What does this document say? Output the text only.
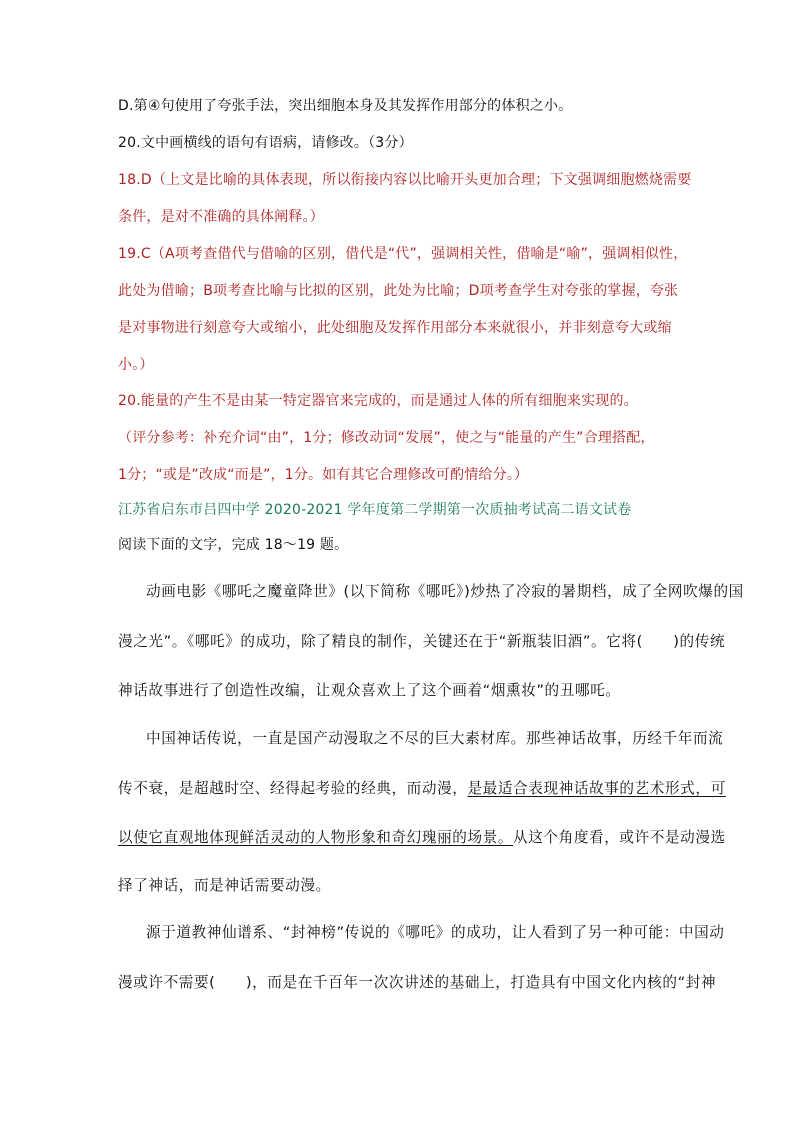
D.第④句使用了夸张手法，突出细胞本身及其发挥作用部分的体积之小。
20.文中画横线的语句有语病，请修改。（3分）
18.D（上文是比喻的具体表现，所以衔接内容以比喻开头更加合理；下文强调细胞燃烧需要
条件，是对不准确的具体阐释。）
19.C（A项考查借代与借喻的区别，借代是“代”，强调相关性，借喻是“喻”，强调相似性，
此处为借喻；B项考查比喻与比拟的区别，此处为比喻；D项考查学生对夸张的掌握，夸张
是对事物进行刻意夸大或缩小，此处细胞及发挥作用部分本来就很小，并非刻意夸大或缩
小。）
20.能量的产生不是由某一特定器官来完成的，而是通过人体的所有细胞来实现的。
（评分参考：补充介词“由”，1分；修改动词“发展”，使之与“能量的产生”合理搭配，
1分；“或是”改成“而是”，1分。如有其它合理修改可酌情给分。）
江苏省启东市吕四中学 2020-2021 学年度第二学期第一次质抽考试高二语文试卷
阅读下面的文字，完成 18～19 题。
动画电影《哪吒之魔童降世》(以下简称《哪吒》)炒热了冷寂的暑期档，成了全网吹爆的国
漫之光”。《哪吒》的成功，除了精良的制作，关键还在于“新瓶装旧酒”。它将(　　)的传统
神话故事进行了创造性改编，让观众喜欢上了这个画着“烟熏妆”的丑哪吒。
中国神话传说，一直是国产动漫取之不尽的巨大素材库。那些神话故事，历经千年而流
传不衰，是超越时空、经得起考验的经典，而动漫，是最适合表现神话故事的艺术形式，可
以使它直观地体现鲜活灵动的人物形象和奇幻瑰丽的场景。从这个角度看，或许不是动漫选
择了神话，而是神话需要动漫。
源于道教神仙谱系、“封神榜”传说的《哪吒》的成功，让人看到了另一种可能：中国动
漫或许不需要(　　)，而是在千百年一次次讲述的基础上，打造具有中国文化内核的“封神
